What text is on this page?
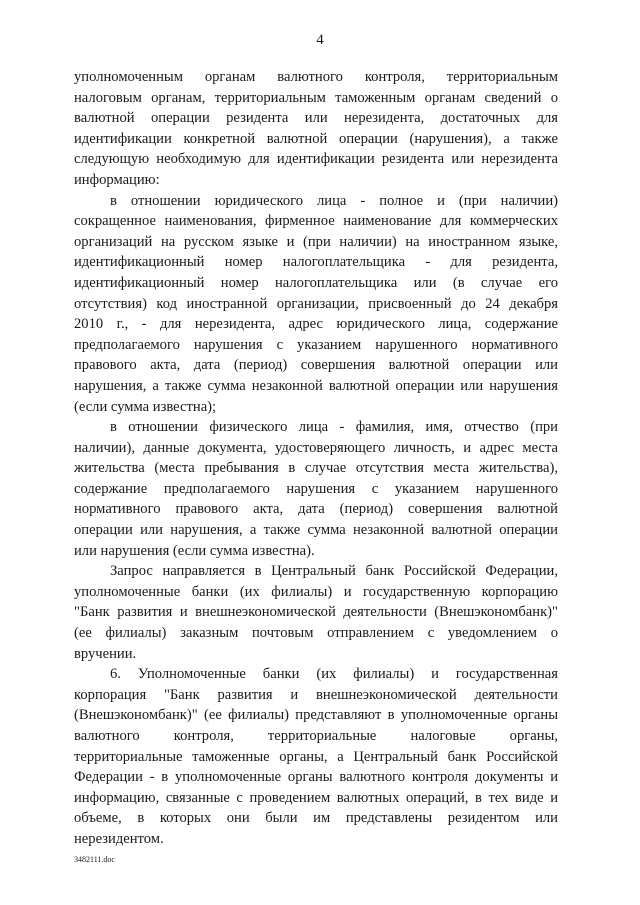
4
уполномоченным органам валютного контроля, территориальным
налоговым органам, территориальным таможенным органам сведений о
валютной операции резидента или нерезидента, достаточных для
идентификации конкретной валютной операции (нарушения), а также
следующую необходимую для идентификации резидента или нерезидента
информацию:
в отношении юридического лица - полное и (при наличии)
сокращенное наименования, фирменное наименование для коммерческих
организаций на русском языке и (при наличии) на иностранном языке,
идентификационный номер налогоплательщика - для резидента,
идентификационный номер налогоплательщика или (в случае его
отсутствия) код иностранной организации, присвоенный до 24 декабря
2010 г., - для нерезидента, адрес юридического лица, содержание
предполагаемого нарушения с указанием нарушенного нормативного
правового акта, дата (период) совершения валютной операции или
нарушения, а также сумма незаконной валютной операции или нарушения
(если сумма известна);
в отношении физического лица - фамилия, имя, отчество (при
наличии), данные документа, удостоверяющего личность, и адрес места
жительства (места пребывания в случае отсутствия места жительства),
содержание предполагаемого нарушения с указанием нарушенного
нормативного правового акта, дата (период) совершения валютной
операции или нарушения, а также сумма незаконной валютной операции
или нарушения (если сумма известна).
Запрос направляется в Центральный банк Российской Федерации,
уполномоченные банки (их филиалы) и государственную корпорацию
"Банк развития и внешнеэкономической деятельности (Внешэкономбанк)"
(ее филиалы) заказным почтовым отправлением с уведомлением о
вручении.
6. Уполномоченные банки (их филиалы) и государственная
корпорация "Банк развития и внешнеэкономической деятельности
(Внешэкономбанк)" (ее филиалы) представляют в уполномоченные органы
валютного контроля, территориальные налоговые органы,
территориальные таможенные органы, а Центральный банк Российской
Федерации - в уполномоченные органы валютного контроля документы и
информацию, связанные с проведением валютных операций, в тех виде и
объеме, в которых они были им представлены резидентом или
нерезидентом.
3482111.doc
